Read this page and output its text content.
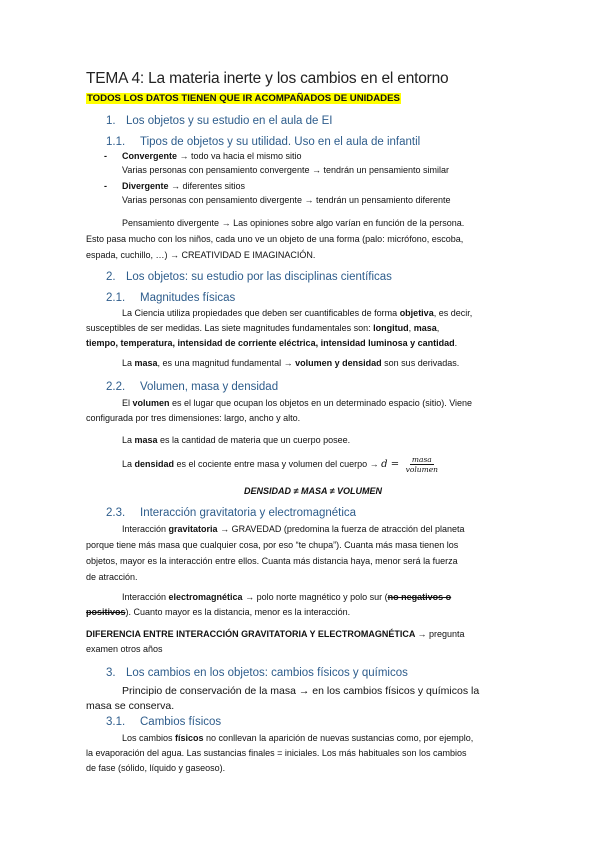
TEMA 4: La materia inerte y los cambios en el entorno
TODOS LOS DATOS TIENEN QUE IR ACOMPAÑADOS DE UNIDADES
1. Los objetos y su estudio en el aula de EI
1.1. Tipos de objetos y su utilidad. Uso en el aula de infantil
- Convergente → todo va hacia el mismo sitio
Varias personas con pensamiento convergente → tendrán un pensamiento similar
- Divergente → diferentes sitios
Varias personas con pensamiento divergente → tendrán un pensamiento diferente
Pensamiento divergente → Las opiniones sobre algo varían en función de la persona.
Esto pasa mucho con los niños, cada uno ve un objeto de una forma (palo: micrófono, escoba,
espada, cuchillo, …) → CREATIVIDAD E IMAGINACIÓN.
2. Los objetos: su estudio por las disciplinas científicas
2.1. Magnitudes físicas
La Ciencia utiliza propiedades que deben ser cuantificables de forma objetiva, es decir,
susceptibles de ser medidas. Las siete magnitudes fundamentales son: longitud, masa,
tiempo, temperatura, intensidad de corriente eléctrica, intensidad luminosa y cantidad.
La masa, es una magnitud fundamental → volumen y densidad son sus derivadas.
2.2. Volumen, masa y densidad
El volumen es el lugar que ocupan los objetos en un determinado espacio (sitio). Viene
configurada por tres dimensiones: largo, ancho y alto.
La masa es la cantidad de materia que un cuerpo posee.
La densidad es el cociente entre masa y volumen del cuerpo → $d = \frac{\text{masa}}{\text{volumen}}$
DENSIDAD ≠ MASA ≠ VOLUMEN
2.3. Interacción gravitatoria y electromagnética
Interacción gravitatoria → GRAVEDAD (predomina la fuerza de atracción del planeta
porque tiene más masa que cualquier cosa, por eso “te chupa”). Cuanta más masa tienen los
objetos, mayor es la interacción entre ellos. Cuanta más distancia haya, menor será la fuerza
de atracción.
Interacción electromagnética → polo norte magnético y polo sur (no negativos o
positivos). Cuanto mayor es la distancia, menor es la interacción.
DIFERENCIA ENTRE INTERACCIÓN GRAVITATORIA Y ELECTROMAGNÉTICA → pregunta
examen otros años
3. Los cambios en los objetos: cambios físicos y químicos
Principio de conservación de la masa → en los cambios físicos y químicos la
masa se conserva.
3.1. Cambios físicos
Los cambios físicos no conllevan la aparición de nuevas sustancias como, por ejemplo,
la evaporación del agua. Las sustancias finales = iniciales. Los más habituales son los cambios
de fase (sólido, líquido y gaseoso).
